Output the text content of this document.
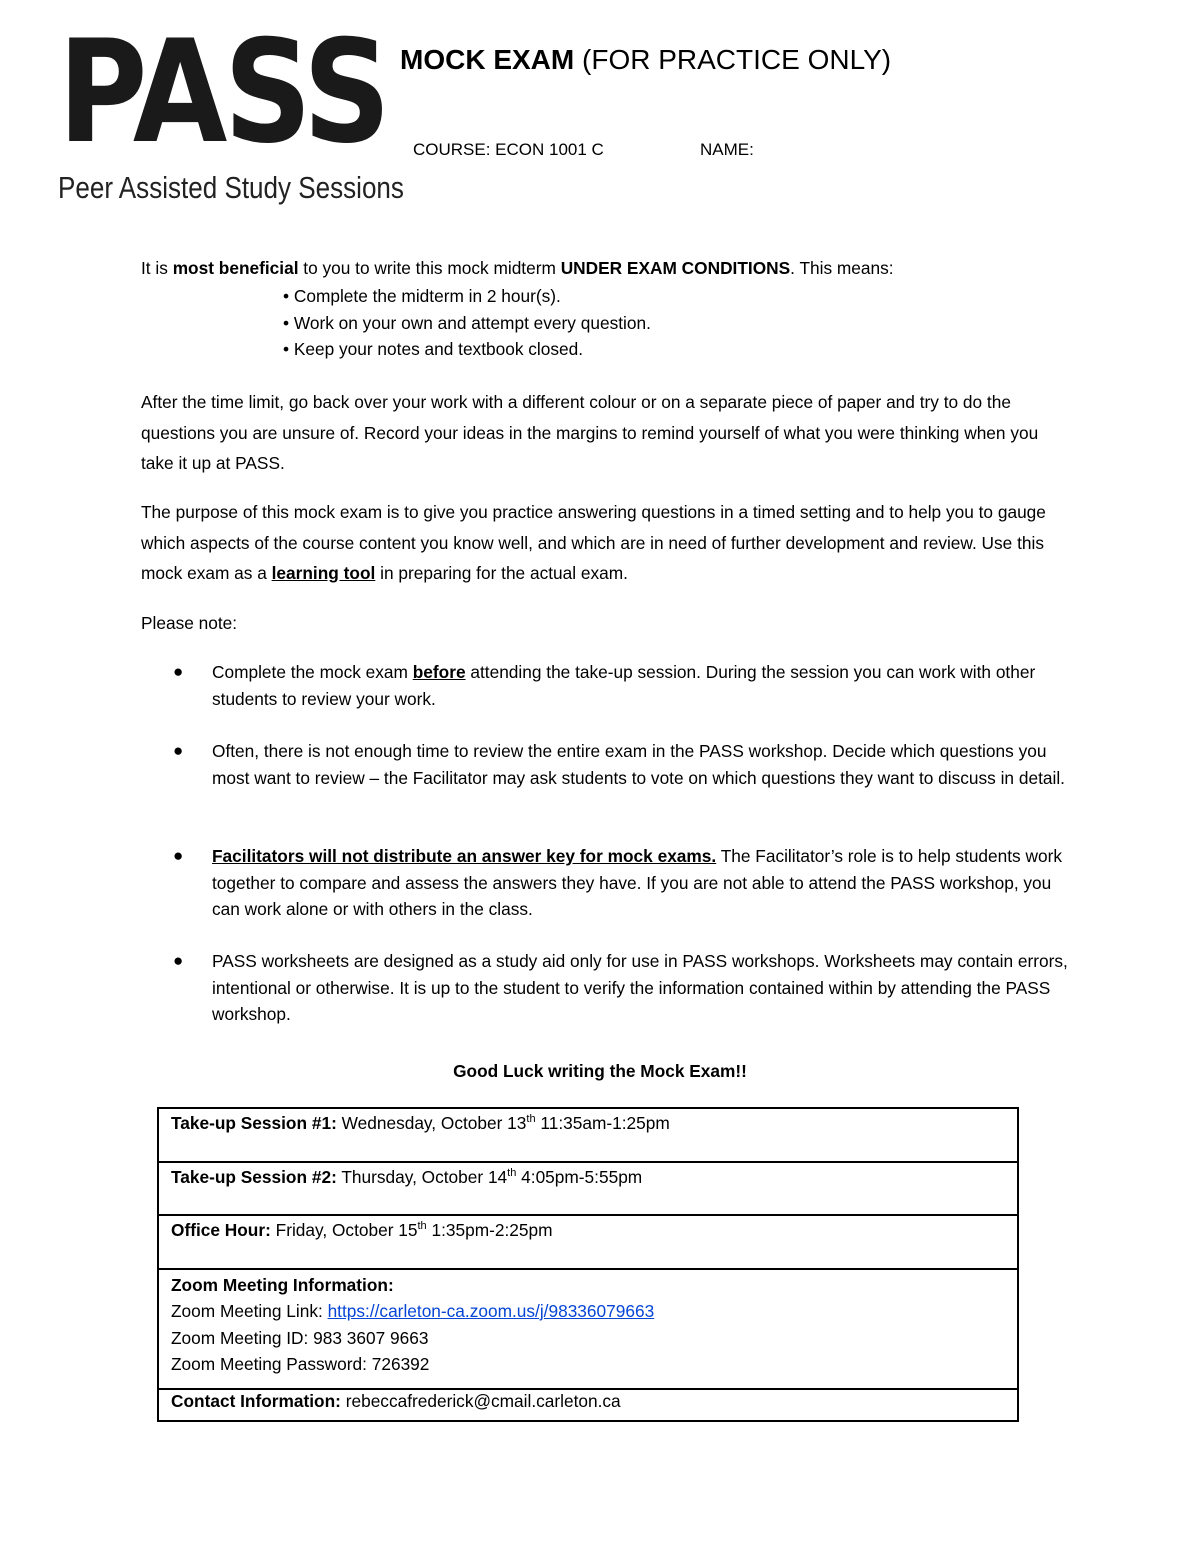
PASS
Peer Assisted Study Sessions
MOCK EXAM (FOR PRACTICE ONLY)
COURSE: ECON 1001 C	NAME:
It is most beneficial to you to write this mock midterm UNDER EXAM CONDITIONS. This means:
• Complete the midterm in 2 hour(s).
• Work on your own and attempt every question.
• Keep your notes and textbook closed.
After the time limit, go back over your work with a different colour or on a separate piece of paper and try to do the questions you are unsure of. Record your ideas in the margins to remind yourself of what you were thinking when you take it up at PASS.
The purpose of this mock exam is to give you practice answering questions in a timed setting and to help you to gauge which aspects of the course content you know well, and which are in need of further development and review. Use this mock exam as a learning tool in preparing for the actual exam.
Please note:
● Complete the mock exam before attending the take-up session. During the session you can work with other students to review your work.
● Often, there is not enough time to review the entire exam in the PASS workshop. Decide which questions you most want to review – the Facilitator may ask students to vote on which questions they want to discuss in detail.
● Facilitators will not distribute an answer key for mock exams. The Facilitator’s role is to help students work together to compare and assess the answers they have. If you are not able to attend the PASS workshop, you can work alone or with others in the class.
● PASS worksheets are designed as a study aid only for use in PASS workshops. Worksheets may contain errors, intentional or otherwise. It is up to the student to verify the information contained within by attending the PASS workshop.
Good Luck writing the Mock Exam!!
Take-up Session #1: Wednesday, October 13th 11:35am-1:25pm
Take-up Session #2: Thursday, October 14th 4:05pm-5:55pm
Office Hour: Friday, October 15th 1:35pm-2:25pm
Zoom Meeting Information:
Zoom Meeting Link: https://carleton-ca.zoom.us/j/98336079663
Zoom Meeting ID: 983 3607 9663
Zoom Meeting Password: 726392
Contact Information: rebeccafrederick@cmail.carleton.ca
